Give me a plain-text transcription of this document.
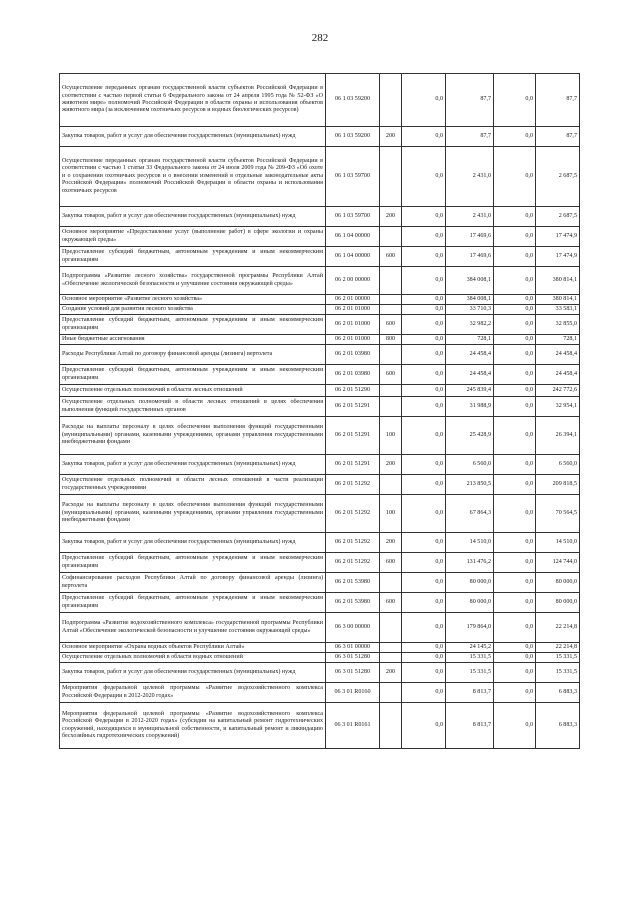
282
Осуществление переданных органам государственной власти субъектов Российской Федерации в соответствии с частью первой статьи 6 Федерального закона от 24 апреля 1995 года № 52-ФЗ «О животном мире» полномочий Российской Федерации в области охраны и использования объектов животного мира (за исключением охотничьих ресурсов и водных биологических ресурсов)	06 1 03 59200		0,0	87,7	0,0	87,7
Закупка товаров, работ и услуг для обеспечения государственных (муниципальных) нужд	06 1 03 59200	200	0,0	87,7	0,0	87,7
Осуществление переданных органам государственной власти субъектов Российской Федерации в соответствии с частью 1 статьи 33 Федерального закона от 24 июля 2009 года № 209-ФЗ «Об охоте и о сохранении охотничьих ресурсов и о внесении изменений в отдельные законодательные акты Российской Федерации» полномочий Российской Федерации в области охраны и использования охотничьих ресурсов	06 1 03 59700		0,0	2 431,0	0,0	2 687,5
Закупка товаров, работ и услуг для обеспечения государственных (муниципальных) нужд	06 1 03 59700	200	0,0	2 431,0	0,0	2 687,5
Основное мероприятие «Предоставление услуг (выполнение работ) в сфере экологии и охраны окружающей среды»	06 1 04 00000		0,0	17 469,6	0,0	17 474,9
Предоставление субсидий бюджетным, автономным учреждениям и иным некоммерческим организациям	06 1 04 00000	600	0,0	17 469,6	0,0	17 474,9
Подпрограмма «Развитие лесного хозяйства» государственной программы Республики Алтай «Обеспечение экологической безопасности и улучшение состояния окружающей среды»	06 2 00 00000		0,0	384 008,1	0,0	380 814,1
Основное мероприятие «Развитие лесного хозяйства»	06 2 01 00000		0,0	384 008,1	0,0	380 814,1
Создание условий для развития лесного хозяйства	06 2 01 01000		0,0	33 710,3	0,0	33 583,1
Предоставление субсидий бюджетным, автономным учреждениям и иным некоммерческим организациям	06 2 01 01000	600	0,0	32 982,2	0,0	32 855,0
Иные бюджетные ассигнования	06 2 01 01000	800	0,0	728,1	0,0	728,1
Расходы Республики Алтай по договору финансовой аренды (лизинга) вертолета	06 2 01 03980		0,0	24 458,4	0,0	24 458,4
Предоставление субсидий бюджетным, автономным учреждениям и иным некоммерческим организациям	06 2 01 03980	600	0,0	24 458,4	0,0	24 458,4
Осуществление отдельных полномочий в области лесных отношений	06 2 01 51290		0,0	245 839,4	0,0	242 772,6
Осуществление отдельных полномочий в области лесных отношений в целях обеспечения выполнения функций государственных органов	06 2 01 51291		0,0	31 988,9	0,0	32 954,1
Расходы на выплаты персоналу в целях обеспечения выполнения функций государственными (муниципальными) органами, казенными учреждениями, органами управления государственными внебюджетными фондами	06 2 01 51291	100	0,0	25 428,9	0,0	26 394,1
Закупка товаров, работ и услуг для обеспечения государственных (муниципальных) нужд	06 2 01 51291	200	0,0	6 560,0	0,0	6 560,0
Осуществление отдельных полномочий в области лесных отношений в части реализации государственных учреждениями	06 2 01 51292		0,0	213 850,5	0,0	209 818,5
Расходы на выплаты персоналу в целях обеспечения выполнения функций государственными (муниципальными) органами, казенными учреждениями, органами управления государственными внебюджетными фондами	06 2 01 51292	100	0,0	67 864,3	0,0	70 564,5
Закупка товаров, работ и услуг для обеспечения государственных (муниципальных) нужд	06 2 01 51292	200	0,0	14 510,0	0,0	14 510,0
Предоставление субсидий бюджетным, автономным учреждениям и иным некоммерческим организациям	06 2 01 51292	600	0,0	131 476,2	0,0	124 744,0
Софинансирование расходов Республики Алтай по договору финансовой аренды (лизинга) вертолета	06 2 01 53980		0,0	80 000,0	0,0	80 000,0
Предоставление субсидий бюджетным, автономным учреждениям и иным некоммерческим организациям	06 2 01 53980	600	0,0	80 000,0	0,0	80 000,0
Подпрограмма «Развитие водохозяйственного комплекса» государственной программы Республики Алтай «Обеспечение экологической безопасности и улучшение состояния окружающей среды»	06 3 00 00000		0,0	179 864,0	0,0	22 214,8
Основное мероприятие «Охрана водных объектов Республики Алтай»	06 3 01 00000		0,0	24 145,2	0,0	22 214,8
Осуществление отдельных полномочий в области водных отношений	06 3 01 51280		0,0	15 331,5	0,0	15 331,5
Закупка товаров, работ и услуг для обеспечения государственных (муниципальных) нужд	06 3 01 51280	200	0,0	15 331,5	0,0	15 331,5
Мероприятия федеральной целевой программы «Развитие водохозяйственного комплекса Российской Федерации в 2012-2020 годах»	06 3 01 R0160		0,0	8 813,7	0,0	6 883,3
Мероприятия федеральной целевой программы «Развитие водохозяйственного комплекса Российской Федерации в 2012-2020 годах» (субсидии на капитальный ремонт гидротехнических сооружений, находящихся в муниципальной собственности, и капитальный ремонт и ликвидацию бесхозяйных гидротехнических сооружений)	06 3 01 R0161		0,0	8 813,7	0,0	6 883,3
